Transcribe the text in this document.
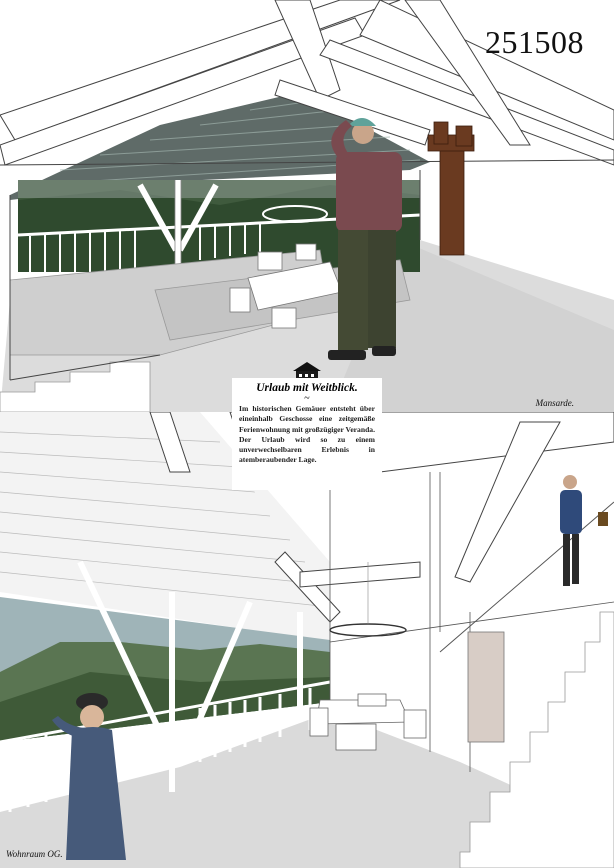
251508
Mansarde.
Wohnraum OG.
Urlaub mit Weitblick.
~
Im historischen Gemäuer entsteht über eineinhalb Geschosse eine zeitgemäße Ferienwohnung mit großzügiger Veranda. Der Urlaub wird so zu einem unverwechselbaren Erlebnis in atemberaubender Lage.
